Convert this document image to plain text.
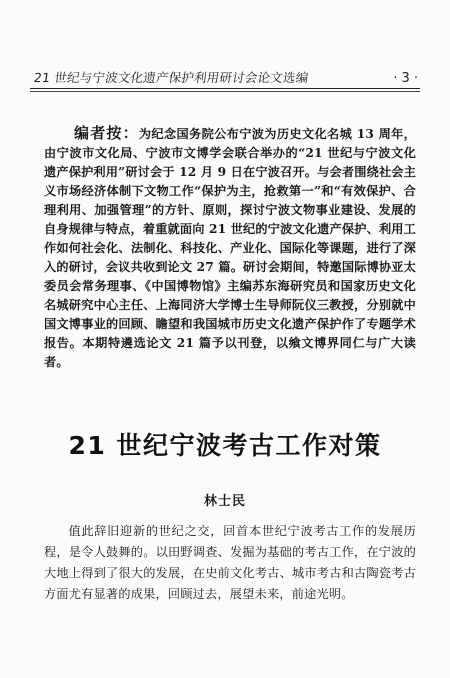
21 世纪与宁波文化遗产保护利用研讨会论文选编	· 3 ·
编者按：为纪念国务院公布宁波为历史文化名城 13 周年，由宁波市文化局、宁波市文博学会联合举办的“21 世纪与宁波文化遗产保护利用”研讨会于 12 月 9 日在宁波召开。与会者围绕社会主义市场经济体制下文物工作“保护为主，抢救第一”和“有效保护、合理利用、加强管理”的方针、原则，探讨宁波文物事业建设、发展的自身规律与特点，着重就面向 21 世纪的宁波文化遗产保护、利用工作如何社会化、法制化、科技化、产业化、国际化等课题，进行了深入的研讨，会议共收到论文 27 篇。研讨会期间，特邀国际博协亚太委员会常务理事、《中国博物馆》主编苏东海研究员和国家历史文化名城研究中心主任、上海同济大学博士生导师阮仪三教授，分别就中国文博事业的回顾、瞻望和我国城市历史文化遗产保护作了专题学术报告。本期特遴选论文 21 篇予以刊登，以飨文博界同仁与广大读者。
21 世纪宁波考古工作对策
林士民
值此辞旧迎新的世纪之交，回首本世纪宁波考古工作的发展历程，是令人鼓舞的。以田野调查、发掘为基础的考古工作，在宁波的大地上得到了很大的发展，在史前文化考古、城市考古和古陶瓷考古方面尤有显著的成果，回顾过去，展望未来，前途光明。
